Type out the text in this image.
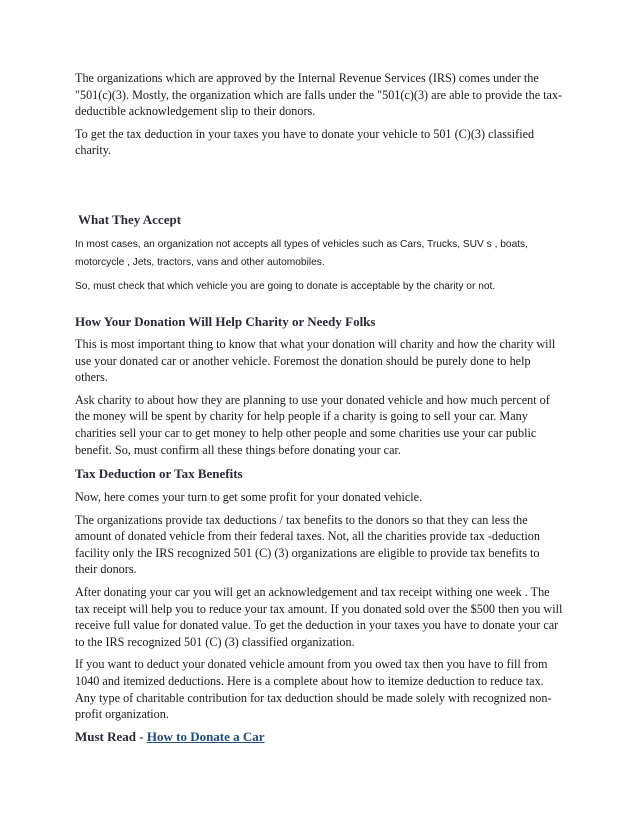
The organizations which are approved by the Internal Revenue Services (IRS) comes under the "501(c)(3). Mostly, the organization which are falls under the "501(c)(3) are able to provide the tax-deductible acknowledgement slip to their donors.

To get the tax deduction in your taxes you have to donate your vehicle to 501 (C)(3) classified charity.

What They Accept

In most cases, an organization not accepts all types of vehicles such as Cars, Trucks, SUV s , boats, motorcycle , Jets, tractors, vans and other automobiles.

So, must check that which vehicle you are going to donate is acceptable by the charity or not.

How Your Donation Will Help Charity or Needy Folks

This is most important thing to know that what your donation will charity and how the charity will use your donated car or another vehicle. Foremost the donation should be purely done to help others.

Ask charity to about how they are planning to use your donated vehicle and how much percent of the money will be spent by charity for help people if a charity is going to sell your car. Many charities sell your car to get money to help other people and some charities use your car public benefit. So, must confirm all these things before donating your car.

Tax Deduction or Tax Benefits

Now, here comes your turn to get some profit for your donated vehicle.

The organizations provide tax deductions / tax benefits to the donors so that they can less the amount of donated vehicle from their federal taxes. Not, all the charities provide tax -deduction facility only the IRS recognized 501 (C) (3) organizations are eligible to provide tax benefits to their donors.

After donating your car you will get an acknowledgement and tax receipt withing one week . The tax receipt will help you to reduce your tax amount. If you donated sold over the $500 then you will receive full value for donated value. To get the deduction in your taxes you have to donate your car to the IRS recognized 501 (C) (3) classified organization.

If you want to deduct your donated vehicle amount from you owed tax then you have to fill from 1040 and itemized deductions. Here is a complete about how to itemize deduction to reduce tax. Any type of charitable contribution for tax deduction should be made solely with recognized non-profit organization.

Must Read - How to Donate a Car
